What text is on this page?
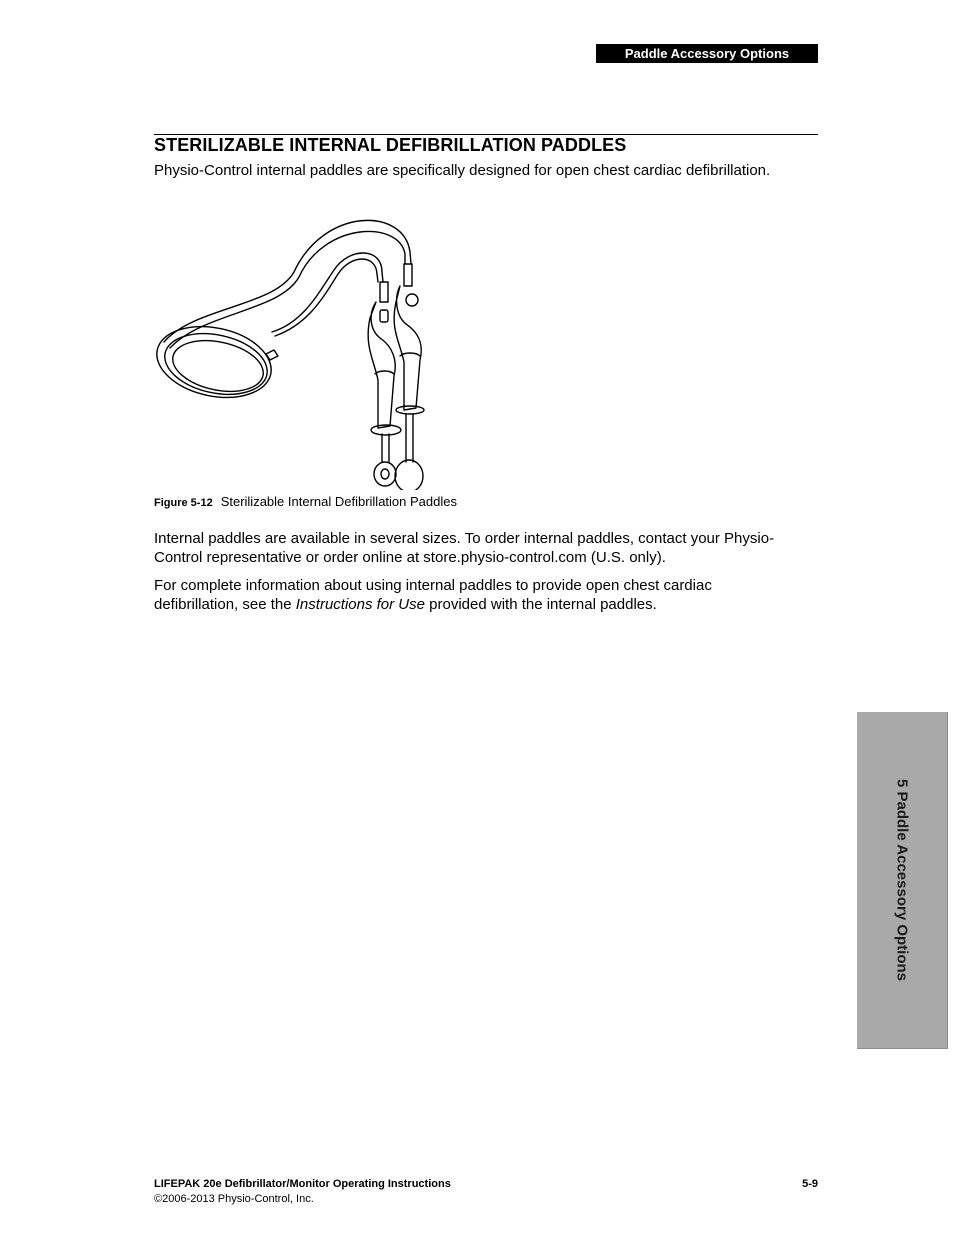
Paddle Accessory Options
STERILIZABLE INTERNAL DEFIBRILLATION PADDLES

Physio-Control internal paddles are specifically designed for open chest cardiac defibrillation.

Figure 5-12 Sterilizable Internal Defibrillation Paddles

Internal paddles are available in several sizes. To order internal paddles, contact your Physio-Control representative or order online at store.physio-control.com (U.S. only).

For complete information about using internal paddles to provide open chest cardiac defibrillation, see the Instructions for Use provided with the internal paddles.

5 Paddle Accessory Options
LIFEPAK 20e Defibrillator/Monitor Operating Instructions
©2006-2013 Physio-Control, Inc.
5-9
